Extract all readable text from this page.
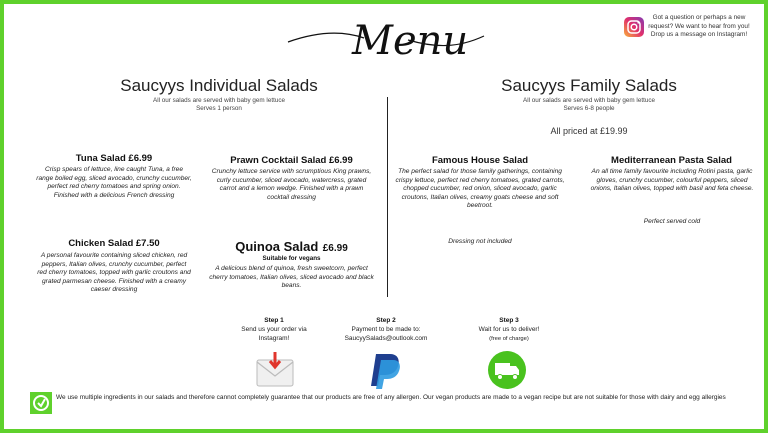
Menu
Got a question or perhaps a new request? We want to hear from you! Drop us a message on Instagram!
Saucyys Individual Salads
All our salads are served with baby gem lettuce
Serves 1 person
Tuna Salad £6.99
Crisp spears of lettuce, line caught Tuna, a free range boiled egg, sliced avocado, crunchy cucumber, perfect red cherry tomatoes and spring onion. Finished with a delicious French dressing
Prawn Cocktail Salad £6.99
Crunchy lettuce service with scrumptious King prawns, curly cucumber, sliced avocado, watercress, grated carrot and a lemon wedge. Finished with a prawn cocktail dressing
Chicken Salad £7.50
A personal favourite containing sliced chicken, red peppers, Italian olives, crunchy cucumber, perfect red cherry tomatoes, topped with garlic croutons and grated parmesan cheese. Finished with a creamy caeser dressing
Quinoa Salad £6.99
Suitable for vegans
A delicious blend of quinoa, fresh sweetcorn, perfect cherry tomatoes, Italian olives, sliced avocado and black beans.
Saucyys Family Salads
All our salads are served with baby gem lettuce
Serves 6-8 people
All priced at £19.99
Famous House Salad
The perfect salad for those family gatherings, containing crispy lettuce, perfect red cherry tomatoes, grated carrots, chopped cucumber, red onion, sliced avocado, garlic croutons, Italian olives, creamy goats cheese and soft beetroot.
Dressing not included
Mediterranean Pasta Salad
An all time family favourite including Rotini pasta, garlic gloves, crunchy cucumber, colourful peppers, sliced onions, Italian olives, topped with basil and feta cheese.
Perfect served cold
Step 1
Send us your order via Instagram!
Step 2
Payment to be made to: SaucyySalads@outlook.com
Step 3
Wait for us to deliver!
(free of charge)
We use multiple ingredients in our salads and therefore cannot completely guarantee that our products are free of any allergen. Our vegan products are made to a vegan recipe but are not suitable for those with dairy and egg allergies
